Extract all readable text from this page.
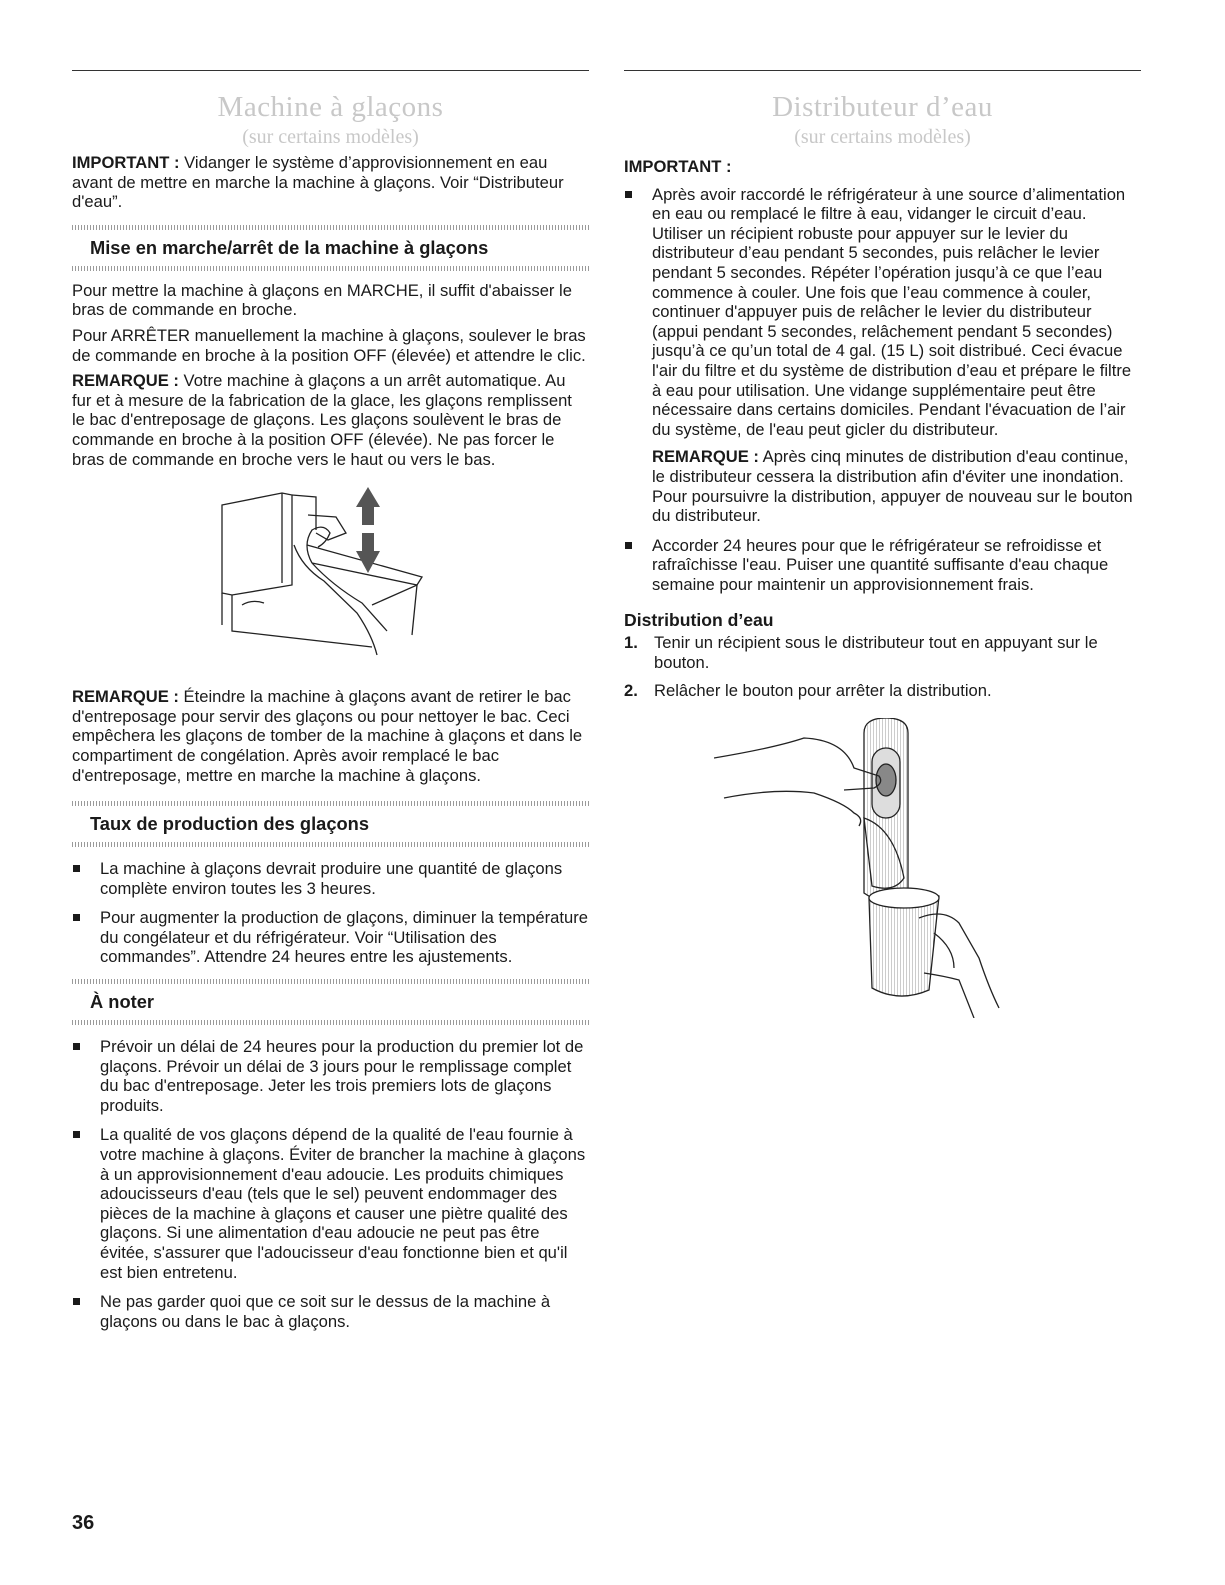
Machine à glaçons
(sur certains modèles)

IMPORTANT : Vidanger le système d’approvisionnement en eau avant de mettre en marche la machine à glaçons. Voir “Distributeur d'eau”.

Mise en marche/arrêt de la machine à glaçons

Pour mettre la machine à glaçons en MARCHE, il suffit d'abaisser le bras de commande en broche.

Pour ARRÊTER manuellement la machine à glaçons, soulever le bras de commande en broche à la position OFF (élevée) et attendre le clic.

REMARQUE : Votre machine à glaçons a un arrêt automatique. Au fur et à mesure de la fabrication de la glace, les glaçons remplissent le bac d'entreposage de glaçons. Les glaçons soulèvent le bras de commande en broche à la position OFF (élevée). Ne pas forcer le bras de commande en broche vers le haut ou vers le bas.

REMARQUE : Éteindre la machine à glaçons avant de retirer le bac d'entreposage pour servir des glaçons ou pour nettoyer le bac. Ceci empêchera les glaçons de tomber de la machine à glaçons et dans le compartiment de congélation. Après avoir remplacé le bac d'entreposage, mettre en marche la machine à glaçons.

Taux de production des glaçons
La machine à glaçons devrait produire une quantité de glaçons complète environ toutes les 3 heures.
Pour augmenter la production de glaçons, diminuer la température du congélateur et du réfrigérateur. Voir “Utilisation des commandes”. Attendre 24 heures entre les ajustements.
À noter
Prévoir un délai de 24 heures pour la production du premier lot de glaçons. Prévoir un délai de 3 jours pour le remplissage complet du bac d'entreposage. Jeter les trois premiers lots de glaçons produits.
La qualité de vos glaçons dépend de la qualité de l'eau fournie à votre machine à glaçons. Éviter de brancher la machine à glaçons à un approvisionnement d'eau adoucie. Les produits chimiques adoucisseurs d'eau (tels que le sel) peuvent endommager des pièces de la machine à glaçons et causer une piètre qualité des glaçons. Si une alimentation d'eau adoucie ne peut pas être évitée, s'assurer que l'adoucisseur d'eau fonctionne bien et qu'il est bien entretenu.
Ne pas garder quoi que ce soit sur le dessus de la machine à glaçons ou dans le bac à glaçons.
Distributeur d’eau
(sur certains modèles)

IMPORTANT :

Après avoir raccordé le réfrigérateur à une source d’alimentation en eau ou remplacé le filtre à eau, vidanger le circuit d’eau. Utiliser un récipient robuste pour appuyer sur le levier du distributeur d’eau pendant 5 secondes, puis relâcher le levier pendant 5 secondes. Répéter l’opération jusqu’à ce que l’eau commence à couler. Une fois que l’eau commence à couler, continuer d'appuyer puis de relâcher le levier du distributeur (appui pendant 5 secondes, relâchement pendant 5 secondes) jusqu’à ce qu’un total de 4 gal. (15 L) soit distribué. Ceci évacue l'air du filtre et du système de distribution d’eau et prépare le filtre à eau pour utilisation. Une vidange supplémentaire peut être nécessaire dans certains domiciles. Pendant l'évacuation de l’air du système, de l'eau peut gicler du distributeur.

REMARQUE : Après cinq minutes de distribution d'eau continue, le distributeur cessera la distribution afin d'éviter une inondation. Pour poursuivre la distribution, appuyer de nouveau sur le bouton du distributeur.

Accorder 24 heures pour que le réfrigérateur se refroidisse et rafraîchisse l'eau. Puiser une quantité suffisante d'eau chaque semaine pour maintenir un approvisionnement frais.
Distribution d’eau
1. Tenir un récipient sous le distributeur tout en appuyant sur le bouton.
2. Relâcher le bouton pour arrêter la distribution.
36
